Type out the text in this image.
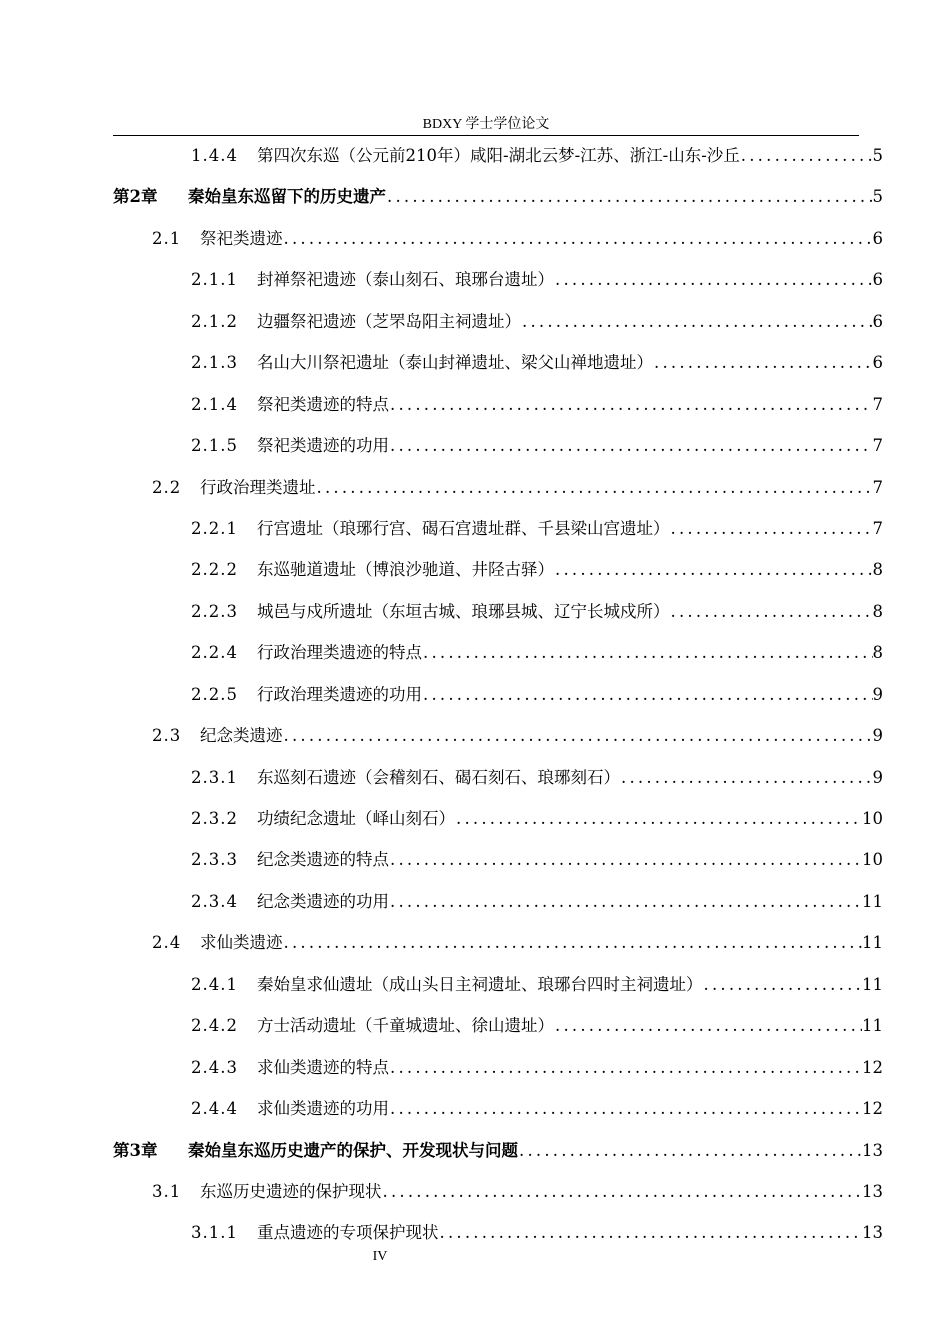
BDXY 学士学位论文
1.4.4	第四次东巡（公元前210年）咸阳-湖北云梦-江苏、浙江-山东-沙丘 .....	5
第2章	秦始皇东巡留下的历史遗产 .....	5
2.1	祭祀类遗迹 .....	6
2.1.1	封禅祭祀遗迹（泰山刻石、琅琊台遗址） .....	6
2.1.2	边疆祭祀遗迹（芝罘岛阳主祠遗址） .....	6
2.1.3	名山大川祭祀遗址（泰山封禅遗址、梁父山禅地遗址） .....	6
2.1.4	祭祀类遗迹的特点 .....	7
2.1.5	祭祀类遗迹的功用 .....	7
2.2	行政治理类遗址 .....	7
2.2.1	行宫遗址（琅琊行宫、碣石宫遗址群、千县梁山宫遗址） .....	7
2.2.2	东巡驰道遗址（博浪沙驰道、井陉古驿） .....	8
2.2.3	城邑与戍所遗址（东垣古城、琅琊县城、辽宁长城戍所） .....	8
2.2.4	行政治理类遗迹的特点 .....	8
2.2.5	行政治理类遗迹的功用 .....	9
2.3	纪念类遗迹 .....	9
2.3.1	东巡刻石遗迹（会稽刻石、碣石刻石、琅琊刻石） .....	9
2.3.2	功绩纪念遗址（峄山刻石） .....	10
2.3.3	纪念类遗迹的特点 .....	10
2.3.4	纪念类遗迹的功用 .....	11
2.4	求仙类遗迹 .....	11
2.4.1	秦始皇求仙遗址（成山头日主祠遗址、琅琊台四时主祠遗址） .....	11
2.4.2	方士活动遗址（千童城遗址、徐山遗址） .....	11
2.4.3	求仙类遗迹的特点 .....	12
2.4.4	求仙类遗迹的功用 .....	12
第3章	秦始皇东巡历史遗产的保护、开发现状与问题 .....	13
3.1	东巡历史遗迹的保护现状 .....	13
3.1.1	重点遗迹的专项保护现状 .....	13
IV
